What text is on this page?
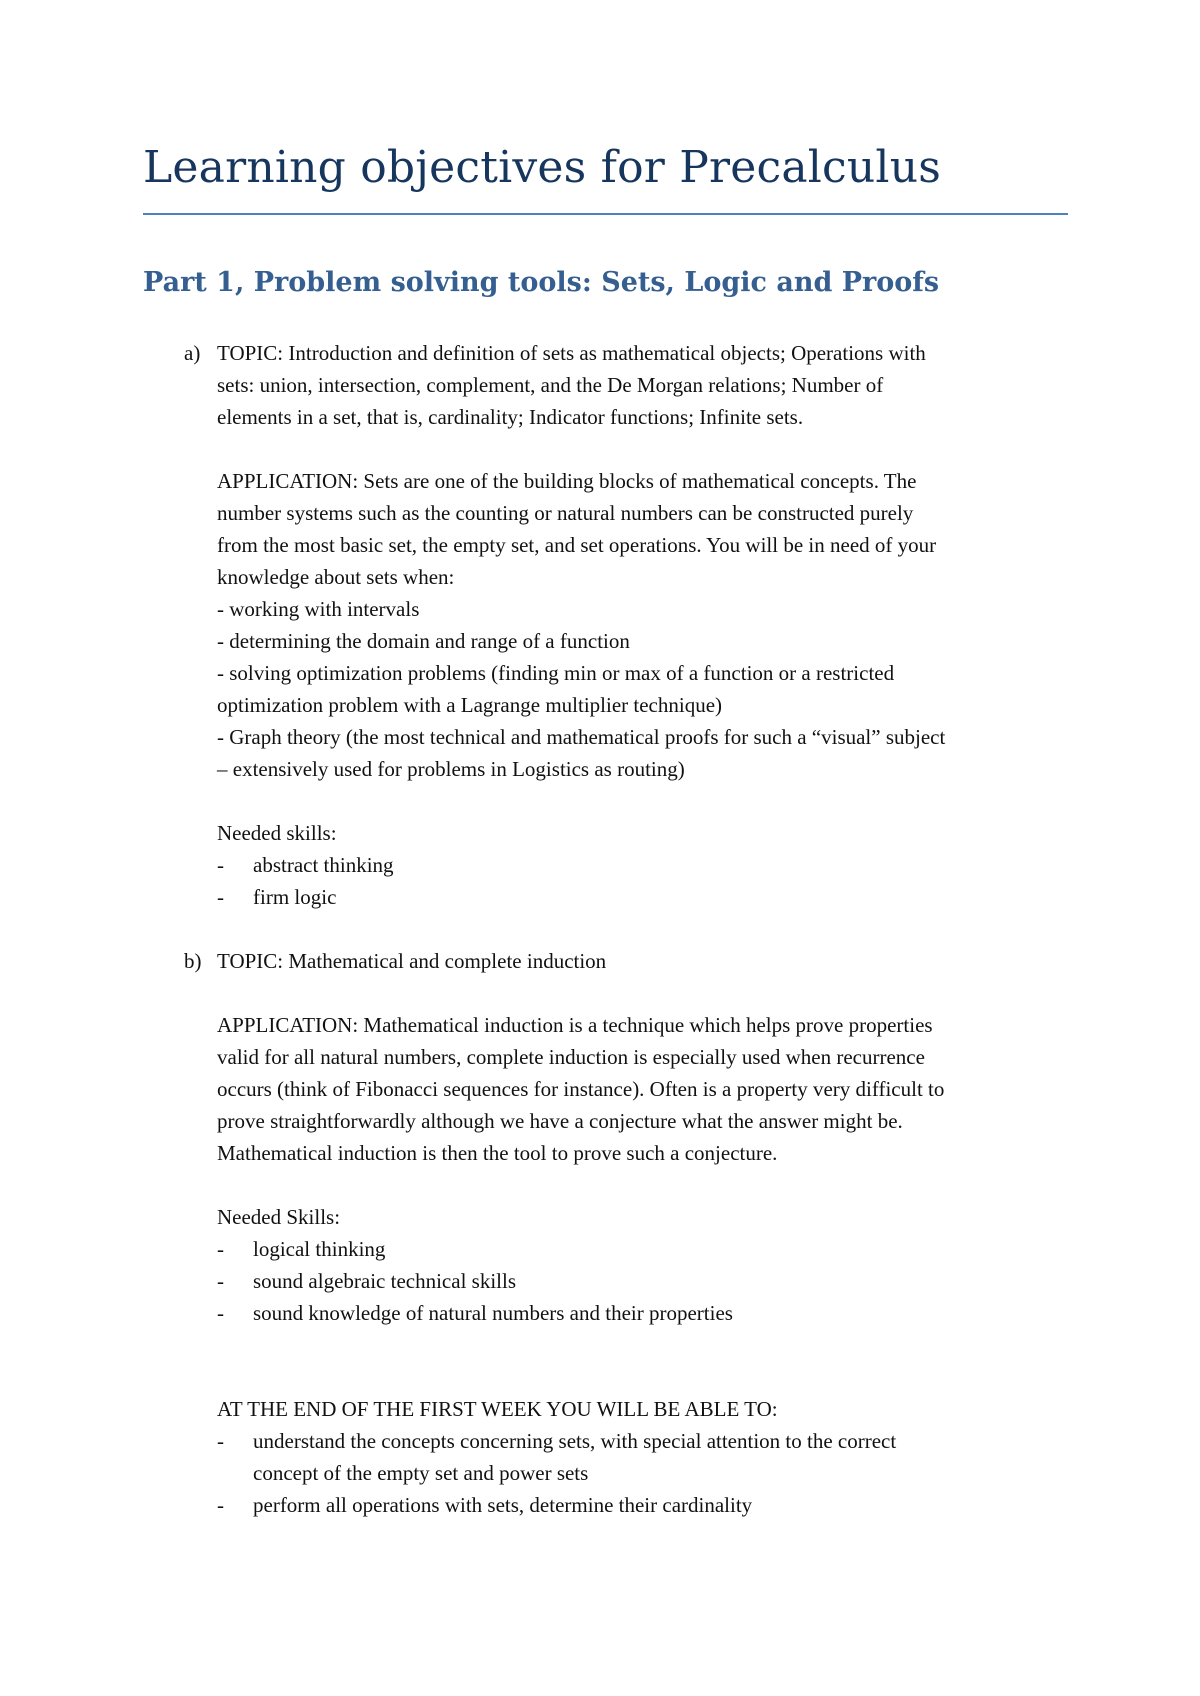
Learning objectives for Precalculus
Part 1, Problem solving tools: Sets, Logic and Proofs
a) TOPIC: Introduction and definition of sets as mathematical objects; Operations with

sets: union, intersection, complement, and the De Morgan relations; Number of

elements in a set, that is, cardinality; Indicator functions; Infinite sets.

APPLICATION: Sets are one of the building blocks of mathematical concepts. The

number systems such as the counting or natural numbers can be constructed purely

from the most basic set, the empty set, and set operations. You will be in need of your

knowledge about sets when:

- working with intervals

- determining the domain and range of a function

- solving optimization problems (finding min or max of a function or a restricted

optimization problem with a Lagrange multiplier technique)

- Graph theory (the most technical and mathematical proofs for such a “visual” subject

– extensively used for problems in Logistics as routing)

Needed skills:

- abstract thinking

- firm logic

b) TOPIC: Mathematical and complete induction

APPLICATION: Mathematical induction is a technique which helps prove properties

valid for all natural numbers, complete induction is especially used when recurrence

occurs (think of Fibonacci sequences for instance). Often is a property very difficult to

prove straightforwardly although we have a conjecture what the answer might be.

Mathematical induction is then the tool to prove such a conjecture.

Needed Skills:

- logical thinking

- sound algebraic technical skills

- sound knowledge of natural numbers and their properties

AT THE END OF THE FIRST WEEK YOU WILL BE ABLE TO:

- understand the concepts concerning sets, with special attention to the correct

concept of the empty set and power sets

- perform all operations with sets, determine their cardinality
